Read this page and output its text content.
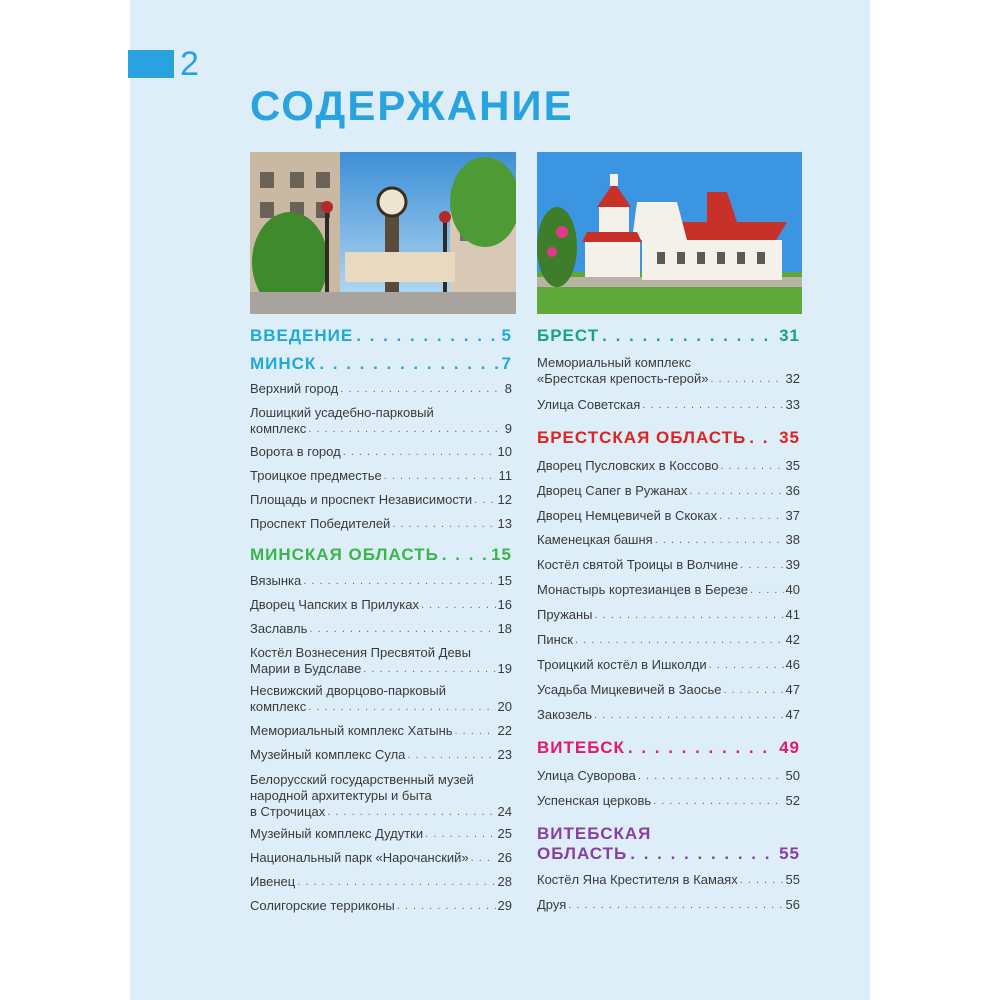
2
СОДЕРЖАНИЕ
ВВЕДЕНИЕ . . .	5
МИНСК . . .	7
Верхний город . . .	8
Лошицкий усадебно-парковый
комплекс . . .	9
Ворота в город . . .	10
Троицкое предместье . . .	11
Площадь и проспект Независимости . . . 12
Проспект Победителей . . .	13
МИНСКАЯ ОБЛАСТЬ . . .	15
Вязынка . . .	15
Дворец Чапских в Прилуках . . .	16
Заславль . . .	18
Костёл Вознесения Пресвятой Девы
Марии в Будславе . . .	19
Несвижский дворцово-парковый
комплекс . . .	20
Мемориальный комплекс Хатынь . . .	22
Музейный комплекс Сула . . .	23
Белорусский государственный музей
народной архитектуры и быта
в Строчицах . . .	24
Музейный комплекс Дудутки . . .	25
Национальный парк «Нарочанский» . . . 26
Ивенец . . .	28
Солигорские терриконы . . .	29
БРЕСТ . . .	31
Мемориальный комплекс
«Брестская крепость-герой» . . .	32
Улица Советская . . .	33
БРЕСТСКАЯ ОБЛАСТЬ . . . 35
Дворец Пусловских в Коссово . . .	35
Дворец Сапег в Ружанах . . .	36
Дворец Немцевичей в Скоках . . .	37
Каменецкая башня . . .	38
Костёл святой Троицы в Волчине . . .	39
Монастырь кортезианцев в Березе . . .	40
Пружаны . . .	41
Пинск . . .	42
Троицкий костёл в Ишколди . . .	46
Усадьба Мицкевичей в Заосье . . .	47
Закозель . . .	47
ВИТЕБСК . . .	49
Улица Суворова . . .	50
Успенская церковь . . .	52
ВИТЕБСКАЯ
ОБЛАСТЬ . . .	55
Костёл Яна Крестителя в Камаях . . .	55
Друя . . .	56
